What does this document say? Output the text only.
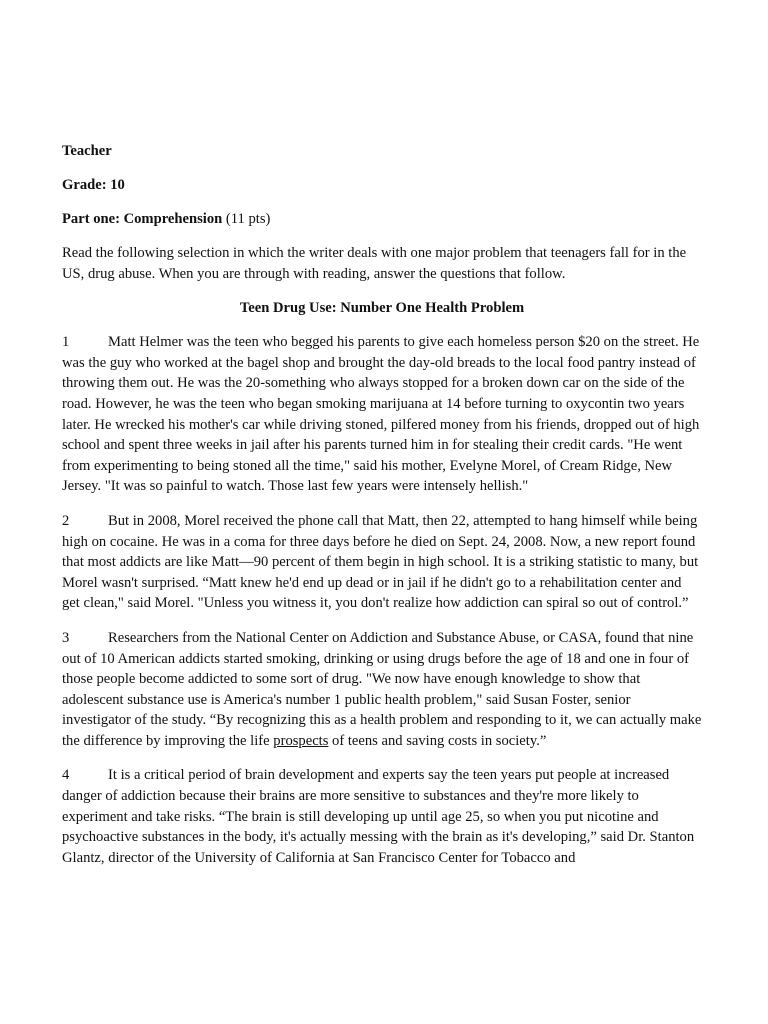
Teacher

Grade: 10

Part one: Comprehension (11 pts)

Read the following selection in which the writer deals with one major problem that teenagers fall for in the US, drug abuse. When you are through with reading, answer the questions that follow.

Teen Drug Use: Number One Health Problem

1	Matt Helmer was the teen who begged his parents to give each homeless person $20 on the street. He was the guy who worked at the bagel shop and brought the day-old breads to the local food pantry instead of throwing them out. He was the 20-something who always stopped for a broken down car on the side of the road. However, he was the teen who began smoking marijuana at 14 before turning to oxycontin two years later. He wrecked his mother's car while driving stoned, pilfered money from his friends, dropped out of high school and spent three weeks in jail after his parents turned him in for stealing their credit cards. "He went from experimenting to being stoned all the time," said his mother, Evelyne Morel, of Cream Ridge, New Jersey. "It was so painful to watch. Those last few years were intensely hellish."

2	But in 2008, Morel received the phone call that Matt, then 22, attempted to hang himself while being high on cocaine. He was in a coma for three days before he died on Sept. 24, 2008. Now, a new report found that most addicts are like Matt—90 percent of them begin in high school. It is a striking statistic to many, but Morel wasn't surprised. “Matt knew he'd end up dead or in jail if he didn't go to a rehabilitation center and get clean," said Morel. "Unless you witness it, you don't realize how addiction can spiral so out of control.”

3	Researchers from the National Center on Addiction and Substance Abuse, or CASA, found that nine out of 10 American addicts started smoking, drinking or using drugs before the age of 18 and one in four of those people become addicted to some sort of drug. "We now have enough knowledge to show that adolescent substance use is America's number 1 public health problem," said Susan Foster, senior investigator of the study. “By recognizing this as a health problem and responding to it, we can actually make the difference by improving the life prospects of teens and saving costs in society.”

4	It is a critical period of brain development and experts say the teen years put people at increased danger of addiction because their brains are more sensitive to substances and they're more likely to experiment and take risks. “The brain is still developing up until age 25, so when you put nicotine and psychoactive substances in the body, it's actually messing with the brain as it's developing,” said Dr. Stanton Glantz, director of the University of California at San Francisco Center for Tobacco and
